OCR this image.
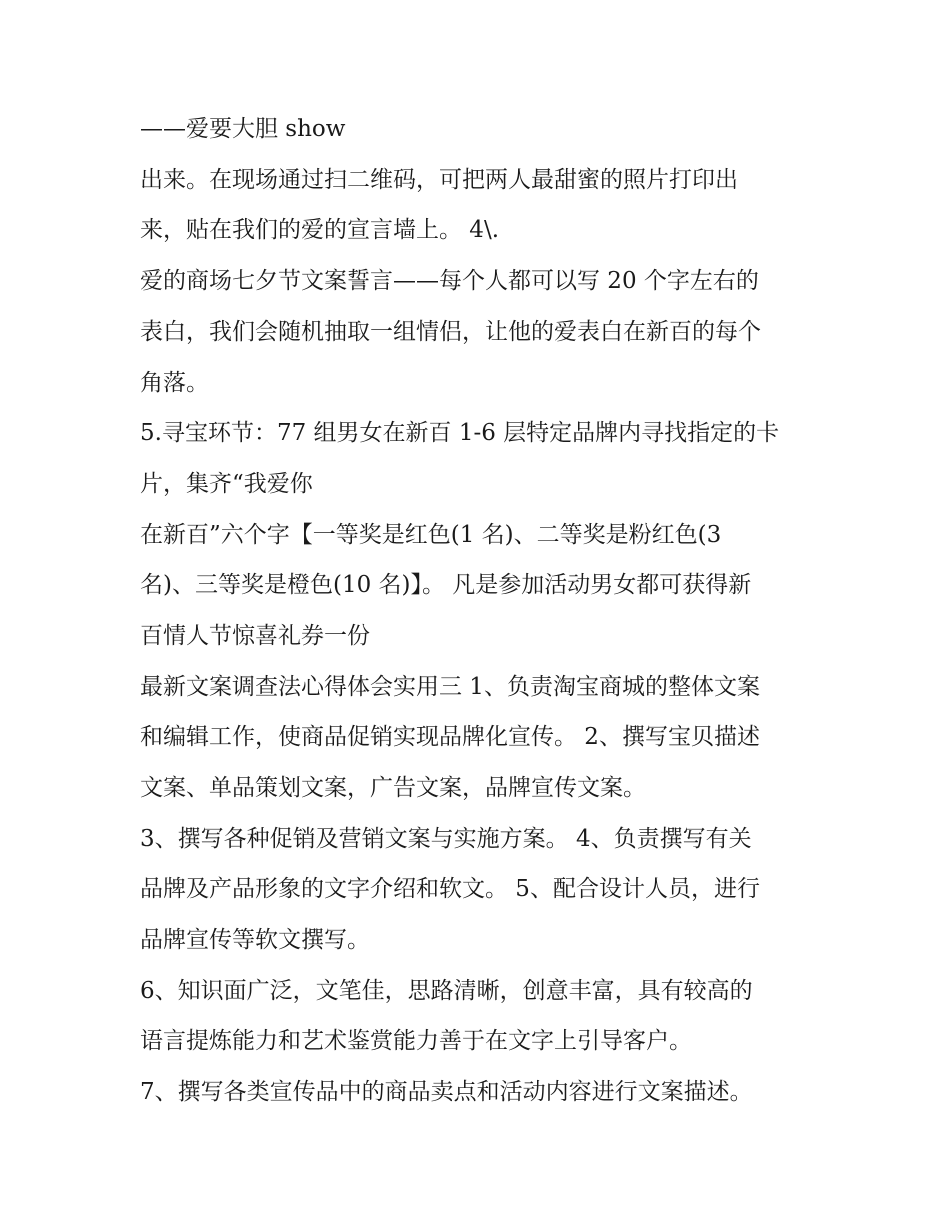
——爱要大胆 show

出来。在现场通过扫二维码，可把两人最甜蜜的照片打印出

来，贴在我们的爱的宣言墙上。 4\.

爱的商场七夕节文案誓言——每个人都可以写 20 个字左右的

表白，我们会随机抽取一组情侣，让他的爱表白在新百的每个

角落。

5.寻宝环节：77 组男女在新百 1-6 层特定品牌内寻找指定的卡

片，集齐“我爱你

在新百”六个字【一等奖是红色(1 名)、二等奖是粉红色(3

名)、三等奖是橙色(10 名)】。 凡是参加活动男女都可获得新

百情人节惊喜礼券一份

最新文案调查法心得体会实用三 1、负责淘宝商城的整体文案

和编辑工作，使商品促销实现品牌化宣传。 2、撰写宝贝描述

文案、单品策划文案，广告文案，品牌宣传文案。

3、撰写各种促销及营销文案与实施方案。 4、负责撰写有关

品牌及产品形象的文字介绍和软文。 5、配合设计人员，进行

品牌宣传等软文撰写。

6、知识面广泛，文笔佳，思路清晰，创意丰富，具有较高的

语言提炼能力和艺术鉴赏能力善于在文字上引导客户。

7、撰写各类宣传品中的商品卖点和活动内容进行文案描述。
